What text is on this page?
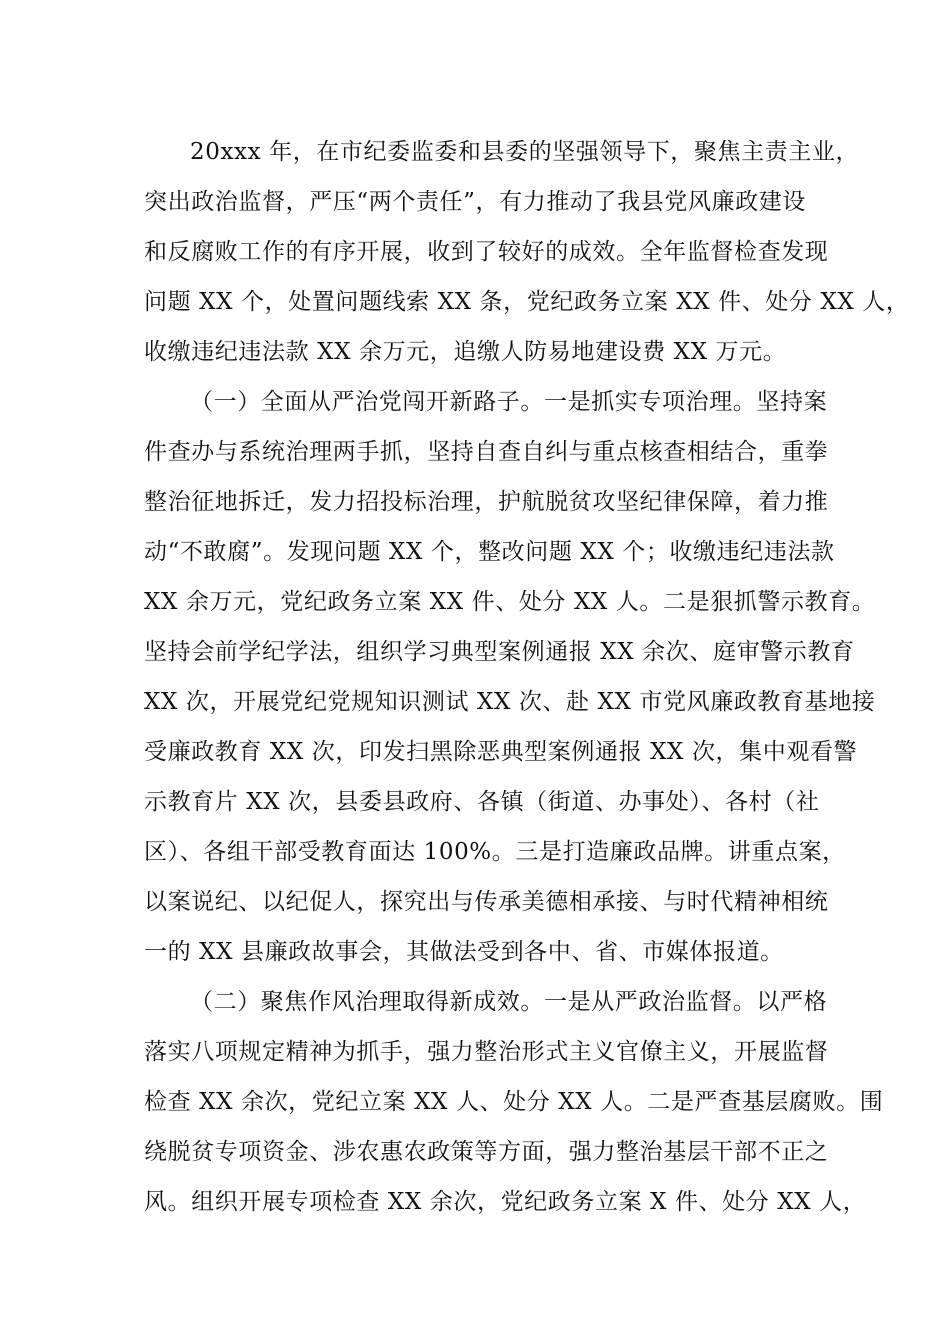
20xxx 年，在市纪委监委和县委的坚强领导下，聚焦主责主业，
突出政治监督，严压“两个责任”，有力推动了我县党风廉政建设
和反腐败工作的有序开展，收到了较好的成效。全年监督检查发现
问题 XX 个，处置问题线索 XX 条，党纪政务立案 XX 件、处分 XX 人，
收缴违纪违法款 XX 余万元，追缴人防易地建设费 XX 万元。
（一）全面从严治党闯开新路子。一是抓实专项治理。坚持案
件查办与系统治理两手抓，坚持自查自纠与重点核查相结合，重拳
整治征地拆迁，发力招投标治理，护航脱贫攻坚纪律保障，着力推
动“不敢腐”。发现问题 XX 个，整改问题 XX 个；收缴违纪违法款
XX 余万元，党纪政务立案 XX 件、处分 XX 人。二是狠抓警示教育。
坚持会前学纪学法，组织学习典型案例通报 XX 余次、庭审警示教育
XX 次，开展党纪党规知识测试 XX 次、赴 XX 市党风廉政教育基地接
受廉政教育 XX 次，印发扫黑除恶典型案例通报 XX 次，集中观看警
示教育片 XX 次，县委县政府、各镇（街道、办事处）、各村（社
区）、各组干部受教育面达 100%。三是打造廉政品牌。讲重点案，
以案说纪、以纪促人，探究出与传承美德相承接、与时代精神相统
一的 XX 县廉政故事会，其做法受到各中、省、市媒体报道。
（二）聚焦作风治理取得新成效。一是从严政治监督。以严格
落实八项规定精神为抓手，强力整治形式主义官僚主义，开展监督
检查 XX 余次，党纪立案 XX 人、处分 XX 人。二是严查基层腐败。围
绕脱贫专项资金、涉农惠农政策等方面，强力整治基层干部不正之
风。组织开展专项检查 XX 余次，党纪政务立案 X 件、处分 XX 人，
